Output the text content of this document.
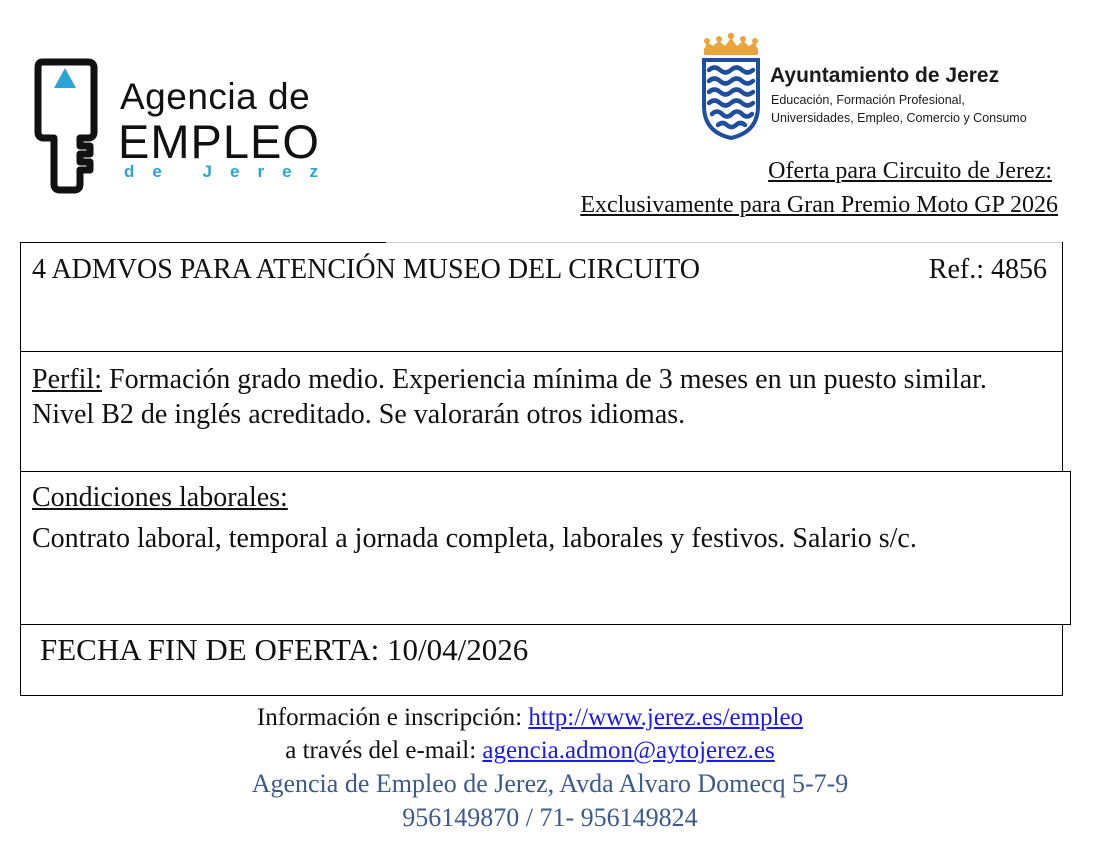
Agencia de
EMPLEO
de Jerez
Ayuntamiento de Jerez
Educación, Formación Profesional,
Universidades, Empleo, Comercio y Consumo
Oferta para Circuito de Jerez:
Exclusivamente para Gran Premio Moto GP 2026
4 ADMVOS PARA ATENCIÓN MUSEO DEL CIRCUITO	Ref.: 4856
Perfil: Formación grado medio. Experiencia mínima de 3 meses en un puesto similar. Nivel B2 de inglés acreditado. Se valorarán otros idiomas.
Condiciones laborales:
Contrato laboral, temporal a jornada completa, laborales y festivos. Salario s/c.
FECHA FIN DE OFERTA: 10/04/2026
Información e inscripción: http://www.jerez.es/empleo
a través del e-mail: agencia.admon@aytojerez.es
Agencia de Empleo de Jerez, Avda Alvaro Domecq 5-7-9
956149870 / 71- 956149824
